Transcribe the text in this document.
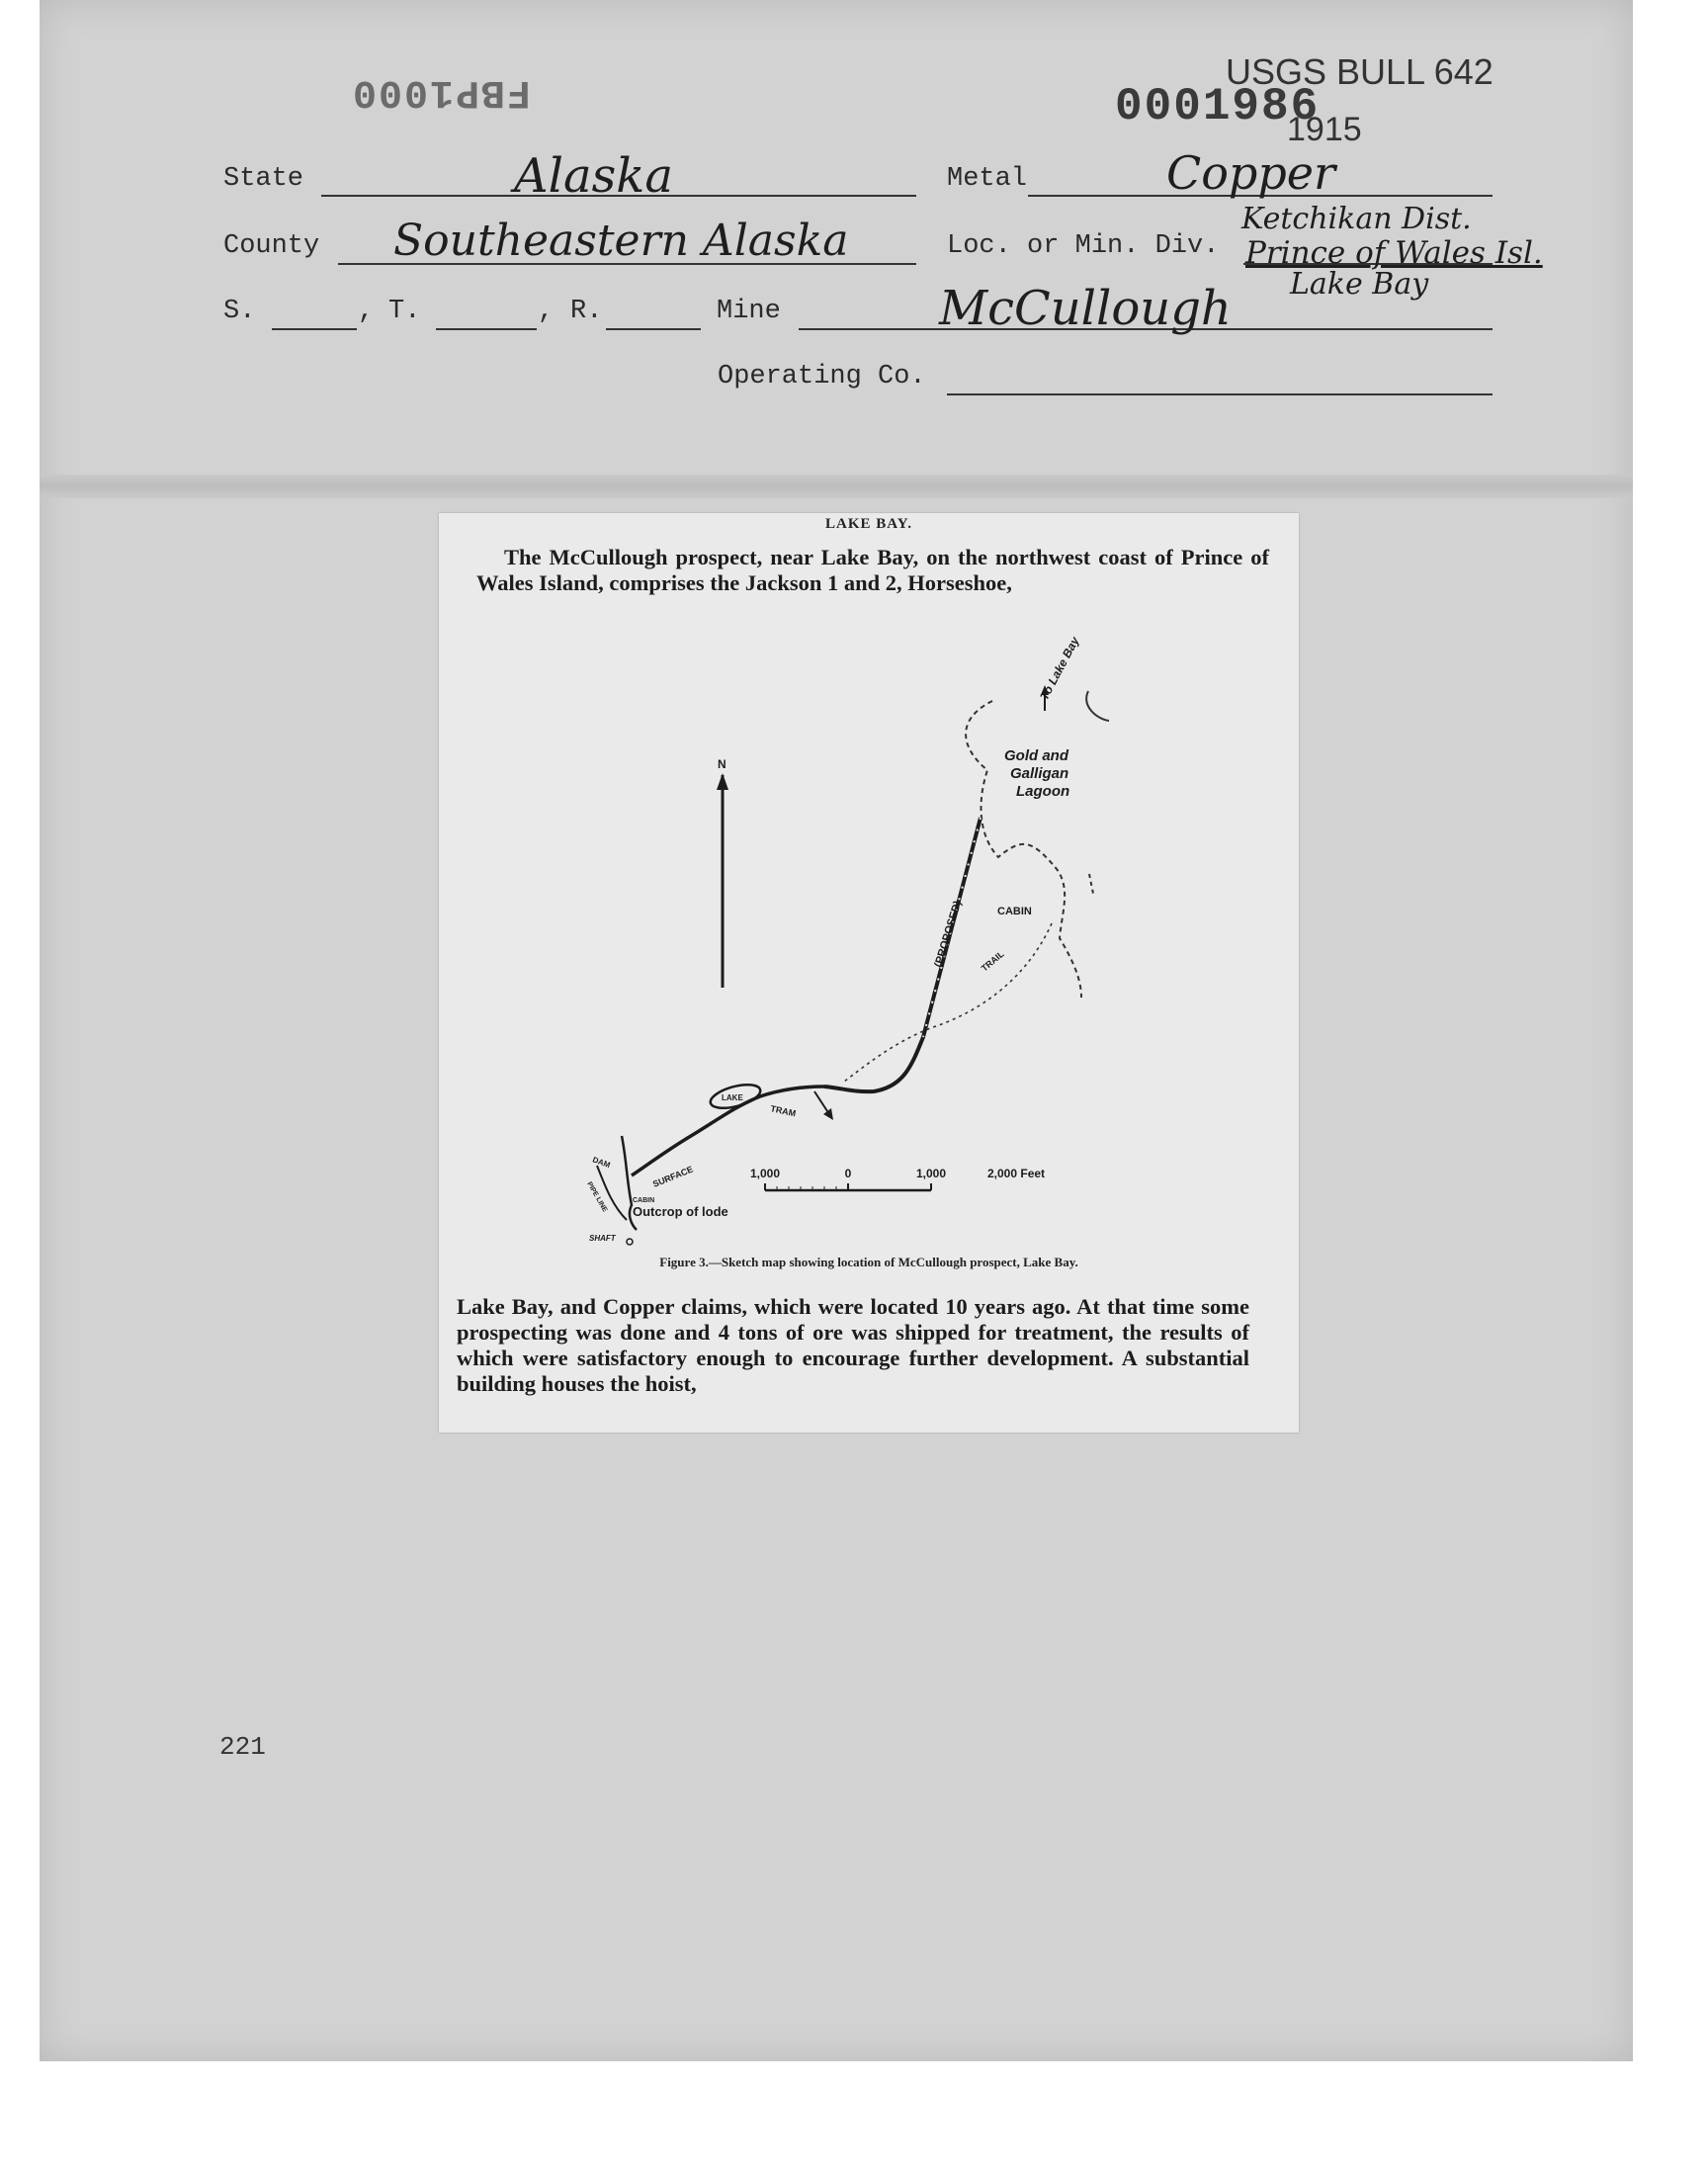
FBP1000	0001986
USGS BULL 642
1915
State	Alaska	Metal	Copper
County Southeastern Alaska	Loc. or Min. Div.
Ketchikan Dist.
Prince of Wales Isl.
Lake Bay
S.	, T.	, R.	Mine	McCullough
Operating Co.
LAKE BAY.
The McCullough prospect, near Lake Bay, on the northwest coast of Prince of Wales Island, comprises the Jackson 1 and 2, Horseshoe,
N
To Lake Bay
Gold and
Galligan
Lagoon
(PROPOSED)	CABIN
TRAIL
LAKE
TRAM
DAM
PIPE LINE
SURFACE
CABIN
Outcrop of lode
SHAFT
1,000	0	1,000	2,000 Feet
Figure 3.—Sketch map showing location of McCullough prospect, Lake Bay.
Lake Bay, and Copper claims, which were located 10 years ago. At that time some prospecting was done and 4 tons of ore was shipped for treatment, the results of which were satisfactory enough to encourage further development. A substantial building houses the hoist,
221
